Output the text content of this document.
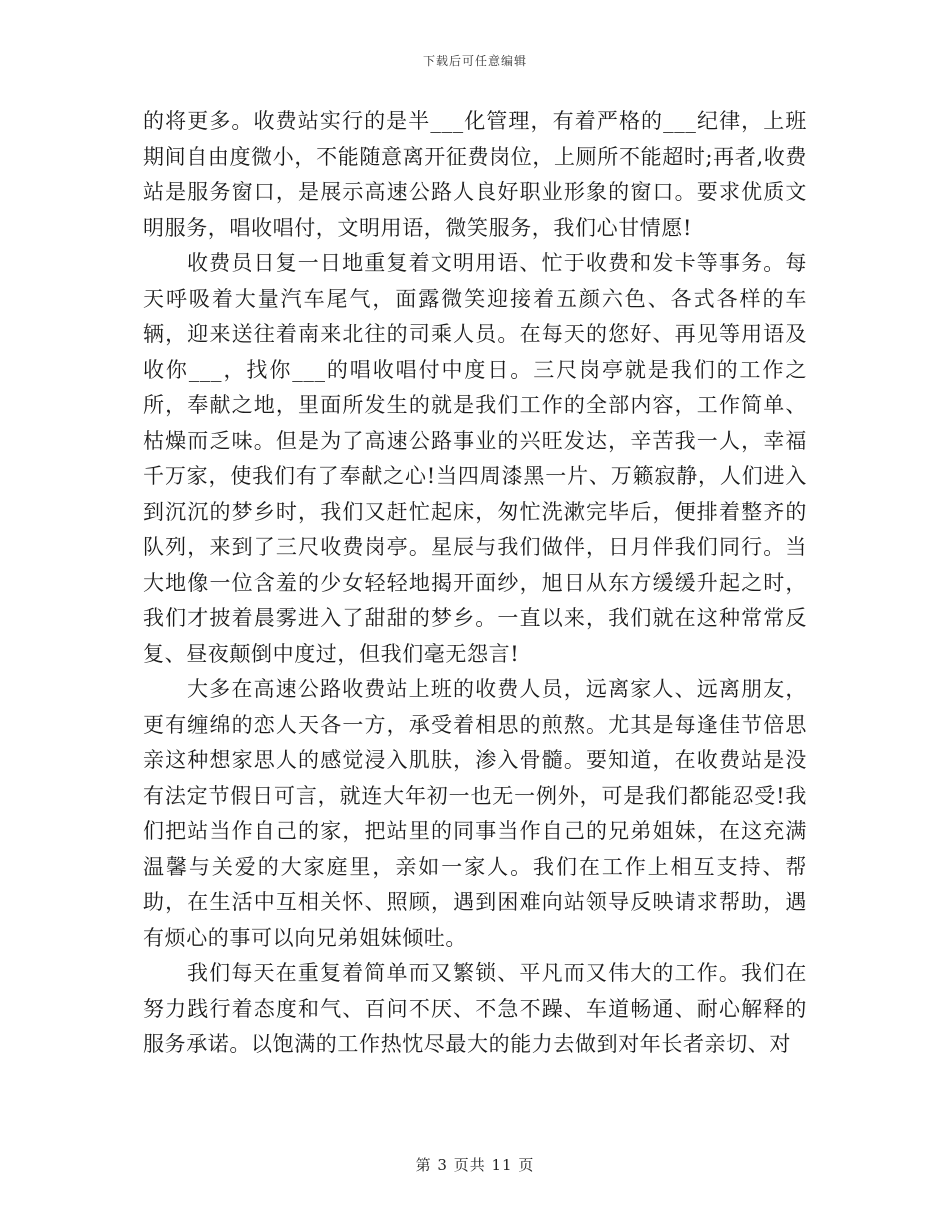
下载后可任意编辑

的将更多。收费站实行的是半___化管理，有着严格的___纪律，上班期间自由度微小，不能随意离开征费岗位，上厕所不能超时;再者,收费站是服务窗口，是展示高速公路人良好职业形象的窗口。要求优质文明服务，唱收唱付，文明用语，微笑服务，我们心甘情愿!

收费员日复一日地重复着文明用语、忙于收费和发卡等事务。每天呼吸着大量汽车尾气，面露微笑迎接着五颜六色、各式各样的车辆，迎来送往着南来北往的司乘人员。在每天的您好、再见等用语及收你___，找你___的唱收唱付中度日。三尺岗亭就是我们的工作之所，奉献之地，里面所发生的就是我们工作的全部内容，工作简单、枯燥而乏味。但是为了高速公路事业的兴旺发达，辛苦我一人，幸福千万家，使我们有了奉献之心!当四周漆黑一片、万籁寂静，人们进入到沉沉的梦乡时，我们又赶忙起床，匆忙洗漱完毕后，便排着整齐的队列，来到了三尺收费岗亭。星辰与我们做伴，日月伴我们同行。当大地像一位含羞的少女轻轻地揭开面纱，旭日从东方缓缓升起之时，我们才披着晨雾进入了甜甜的梦乡。一直以来，我们就在这种常常反复、昼夜颠倒中度过，但我们毫无怨言!

大多在高速公路收费站上班的收费人员，远离家人、远离朋友，更有缠绵的恋人天各一方，承受着相思的煎熬。尤其是每逢佳节倍思亲这种想家思人的感觉浸入肌肤，渗入骨髓。要知道，在收费站是没有法定节假日可言，就连大年初一也无一例外，可是我们都能忍受!我们把站当作自己的家，把站里的同事当作自己的兄弟姐妹，在这充满温馨与关爱的大家庭里，亲如一家人。我们在工作上相互支持、帮助，在生活中互相关怀、照顾，遇到困难向站领导反映请求帮助，遇有烦心的事可以向兄弟姐妹倾吐。

我们每天在重复着简单而又繁锁、平凡而又伟大的工作。我们在努力践行着态度和气、百问不厌、不急不躁、车道畅通、耐心解释的服务承诺。以饱满的工作热忱尽最大的能力去做到对年长者亲切、对

第 3 页共 11 页
